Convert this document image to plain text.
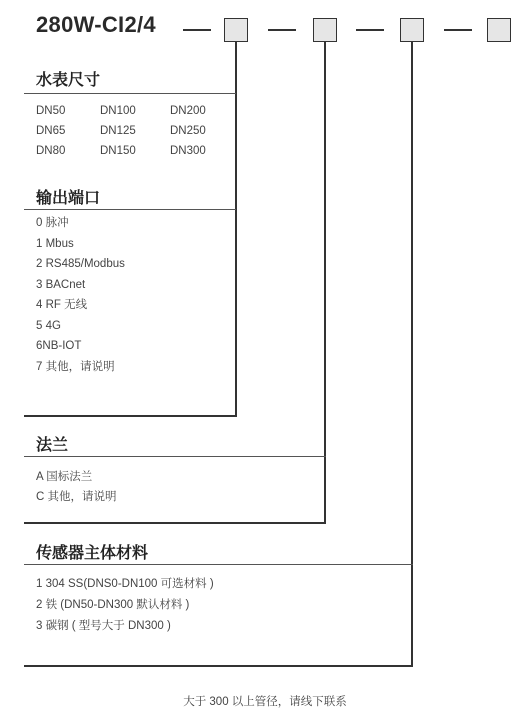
280W-CI2/4
水表尺寸
DN50	DN100	DN200
DN65	DN125	DN250
DN80	DN150	DN300
输出端口
0 脉冲
1 Mbus
2 RS485/Modbus
3 BACnet
4 RF 无线
5 4G
6NB-IOT
7 其他，请说明
法兰
A 国标法兰
C 其他，请说明
传感器主体材料
1 304 SS(DNS0-DN100 可选材料 )
2 铁 (DN50-DN300 默认材料 )
3 碳钢 ( 型号大于 DN300 )
大于 300 以上管径，请线下联系
